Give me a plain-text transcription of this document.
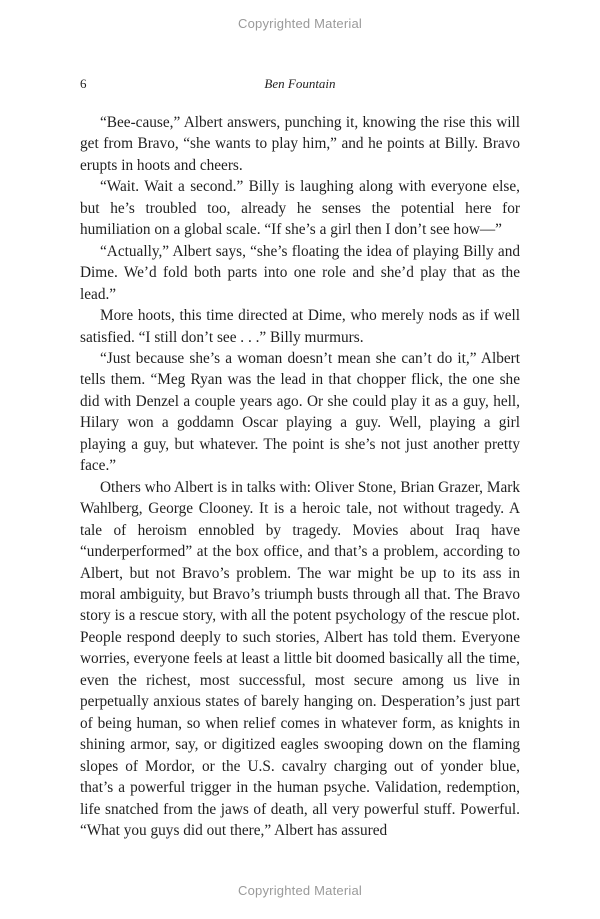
Copyrighted Material
6	Ben Fountain

“Bee-cause,” Albert answers, punching it, knowing the rise this will get from Bravo, “she wants to play him,” and he points at Billy. Bravo erupts in hoots and cheers.

“Wait. Wait a second.” Billy is laughing along with everyone else, but he’s troubled too, already he senses the potential here for humiliation on a global scale. “If she’s a girl then I don’t see how—”

“Actually,” Albert says, “she’s floating the idea of playing Billy and Dime. We’d fold both parts into one role and she’d play that as the lead.”

More hoots, this time directed at Dime, who merely nods as if well satisfied. “I still don’t see . . .” Billy murmurs.

“Just because she’s a woman doesn’t mean she can’t do it,” Albert tells them. “Meg Ryan was the lead in that chopper flick, the one she did with Denzel a couple years ago. Or she could play it as a guy, hell, Hilary won a goddamn Oscar playing a guy. Well, playing a girl playing a guy, but whatever. The point is she’s not just another pretty face.”

Others who Albert is in talks with: Oliver Stone, Brian Grazer, Mark Wahlberg, George Clooney. It is a heroic tale, not without tragedy. A tale of heroism ennobled by tragedy. Movies about Iraq have “underperformed” at the box office, and that’s a problem, according to Albert, but not Bravo’s problem. The war might be up to its ass in moral ambiguity, but Bravo’s triumph busts through all that. The Bravo story is a rescue story, with all the potent psychology of the rescue plot. People respond deeply to such stories, Albert has told them. Everyone worries, everyone feels at least a little bit doomed basically all the time, even the richest, most successful, most secure among us live in perpetually anxious states of barely hanging on. Desperation’s just part of being human, so when relief comes in whatever form, as knights in shining armor, say, or digitized eagles swooping down on the flaming slopes of Mordor, or the U.S. cavalry charging out of yonder blue, that’s a powerful trigger in the human psyche. Validation, redemption, life snatched from the jaws of death, all very powerful stuff. Powerful. “What you guys did out there,” Albert has assured

Copyrighted Material
